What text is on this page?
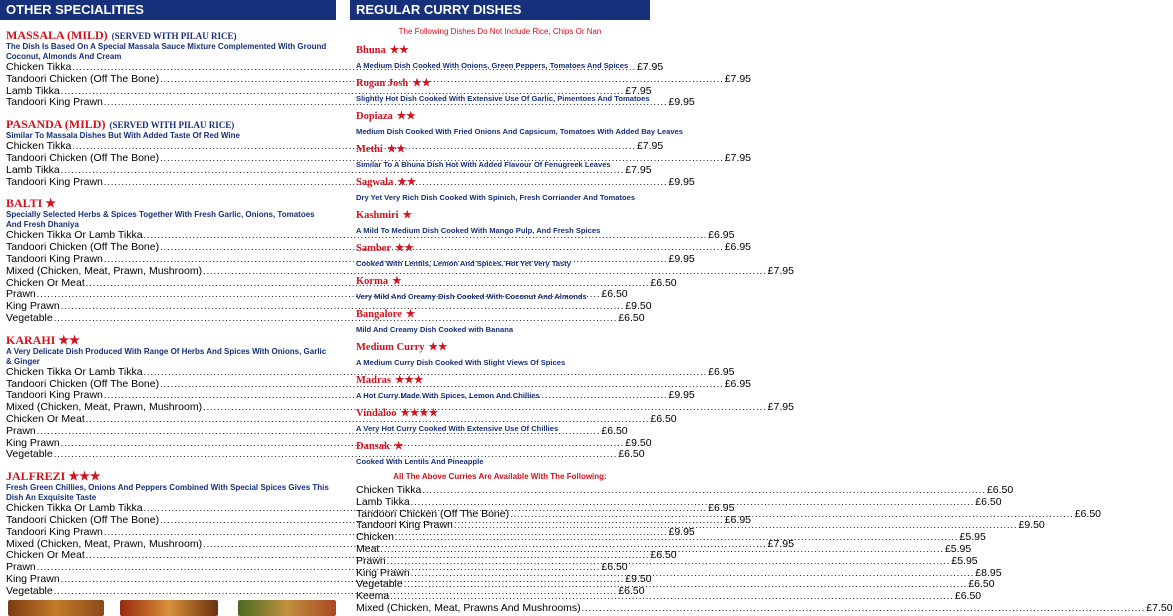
OTHER SPECIALITIES
MASSALA (MILD) (SERVED WITH PILAU RICE)
The Dish Is Based On A Special Massala Sauce Mixture Complemented With Ground Coconut, Almonds And Cream
Chicken Tikka .....	£7.95
Tandoori Chicken (Off The Bone) .....	£7.95
Lamb Tikka .....	£7.95
Tandoori King Prawn .....	£9.95
PASANDA (MILD) (SERVED WITH PILAU RICE)
Similar To Massala Dishes But With Added Taste Of Red Wine
Chicken Tikka .....	£7.95
Tandoori Chicken (Off The Bone) .....	£7.95
Lamb Tikka .....	£7.95
Tandoori King Prawn .....	£9.95
BALTI ★
Specially Selected Herbs & Spices Together With Fresh Garlic, Onions, Tomatoes And Fresh Dhaniya
Chicken Tikka Or Lamb Tikka .....	£6.95
Tandoori Chicken (Off The Bone) .....	£6.95
Tandoori King Prawn .....	£9.95
Mixed (Chicken, Meat, Prawn, Mushroom) .....	£7.95
Chicken Or Meat .....	£6.50
Prawn .....	£6.50
King Prawn .....	£9.50
Vegetable .....	£6.50
KARAHI ★★
A Very Delicate Dish Produced With Range Of Herbs And Spices With Onions, Garlic & Ginger
Chicken Tikka Or Lamb Tikka .....	£6.95
Tandoori Chicken (Off The Bone) .....	£6.95
Tandoori King Prawn .....	£9.95
Mixed (Chicken, Meat, Prawn, Mushroom) .....	£7.95
Chicken Or Meat .....	£6.50
Prawn .....	£6.50
King Prawn .....	£9.50
Vegetable .....	£6.50
JALFREZI ★★★
Fresh Green Chillies, Onions And Peppers Combined With Special Spices Gives This Dish An Exquisite Taste
Chicken Tikka Or Lamb Tikka .....	£6.95
Tandoori Chicken (Off The Bone) .....	£6.95
Tandoori King Prawn .....	£9.95
Mixed (Chicken, Meat, Prawn, Mushroom) .....	£7.95
Chicken Or Meat .....	£6.50
Prawn .....	£6.50
King Prawn .....	£9.50
Vegetable .....	£6.50
REGULAR CURRY DISHES
The Following Dishes Do Not Include Rice, Chips Or Nan
Bhuna ★★
A Medium Dish Cooked With Onions, Green Peppers, Tomatoes And Spices
Rogan Josh ★★
Slightly Hot Dish Cooked With Extensive Use Of Garlic, Pimentoes And Tomatoes
Dopiaza ★★
Medium Dish Cooked With Fried Onions And Capsicum, Tomatoes With Added Bay Leaves
Methi ★★
Similar To A Bhuna Dish Hot With Added Flavour Of Fenugreek Leaves
Sagwala ★★
Dry Yet Very Rich Dish Cooked With Spinich, Fresh Corriander And Tomatoes
Kashmiri ★
A Mild To Medium Dish Cooked With Mango Pulp, And Fresh Spices
Samber ★★
Cooked With Lentils, Lemon And Spices. Hot Yet Very Tasty
Korma ★
Very Mild And Creamy Dish Cooked With Coconut And Almonds
Bangalore ★
Mild And Creamy Dish Cooked with Banana
Medium Curry ★★
A Medium Curry Dish Cooked With Slight Views Of Spices
Madras ★★★
A Hot Curry Made With Spices, Lemon And Chillies
Vindaloo ★★★★
A Very Hot Curry Cooked With Extensive Use Of Chillies
Dansak ★
Cooked With Lentils And Pineapple
All The Above Curries Are Available With The Following:
Chicken Tikka .....	£6.50
Lamb Tikka .....	£6.50
Tandoori Chicken (Off The Bone) .....	£6.50
Tandoori King Prawn .....	£9.50
Chicken .....	£5.95
Meat .....	£5.95
Prawn .....	£5.95
King Prawn .....	£8.95
Vegetable .....	£6.50
Keema .....	£6.50
Mixed (Chicken, Meat, Prawns And Mushrooms) .....	£7.50
